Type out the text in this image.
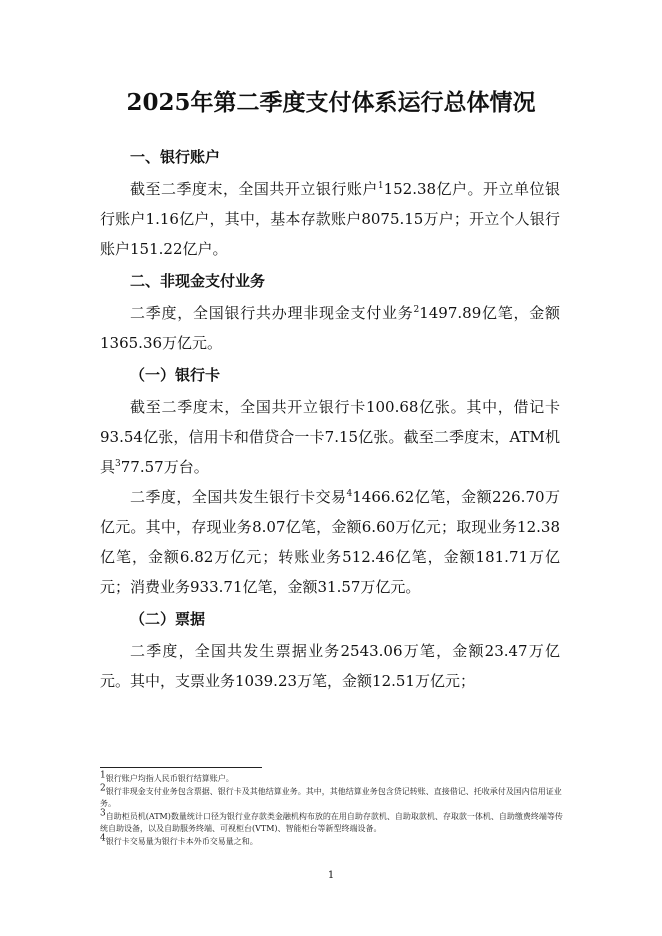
2025年第二季度支付体系运行总体情况

一、银行账户

截至二季度末，全国共开立银行账户$^1$152.38亿户。开立单位银行账户1.16亿户，其中，基本存款账户8075.15万户；开立个人银行账户151.22亿户。

二、非现金支付业务

二季度，全国银行共办理非现金支付业务$^2$1497.89亿笔，金额1365.36万亿元。

（一）银行卡

截至二季度末，全国共开立银行卡100.68亿张。其中，借记卡93.54亿张，信用卡和借贷合一卡7.15亿张。截至二季度末，ATM机具$^3$77.57万台。

二季度，全国共发生银行卡交易$^4$1466.62亿笔，金额226.70万亿元。其中，存现业务8.07亿笔，金额6.60万亿元；取现业务12.38亿笔，金额6.82万亿元；转账业务512.46亿笔，金额181.71万亿元；消费业务933.71亿笔，金额31.57万亿元。

（二）票据

二季度，全国共发生票据业务2543.06万笔，金额23.47万亿元。其中，支票业务1039.23万笔，金额12.51万亿元；

$^1$银行账户均指人民币银行结算账户。

$^2$银行非现金支付业务包含票据、银行卡及其他结算业务。其中，其他结算业务包含贷记转账、直接借记、托收承付及国内信用证业务。

$^3$自助柜员机(ATM)数量统计口径为银行业存款类金融机构布放的在用自助存款机、自助取款机、存取款一体机、自助缴费终端等传统自助设备，以及自助服务终端、可视柜台(VTM)、智能柜台等新型终端设备。

$^4$银行卡交易量为银行卡本外币交易量之和。

1
